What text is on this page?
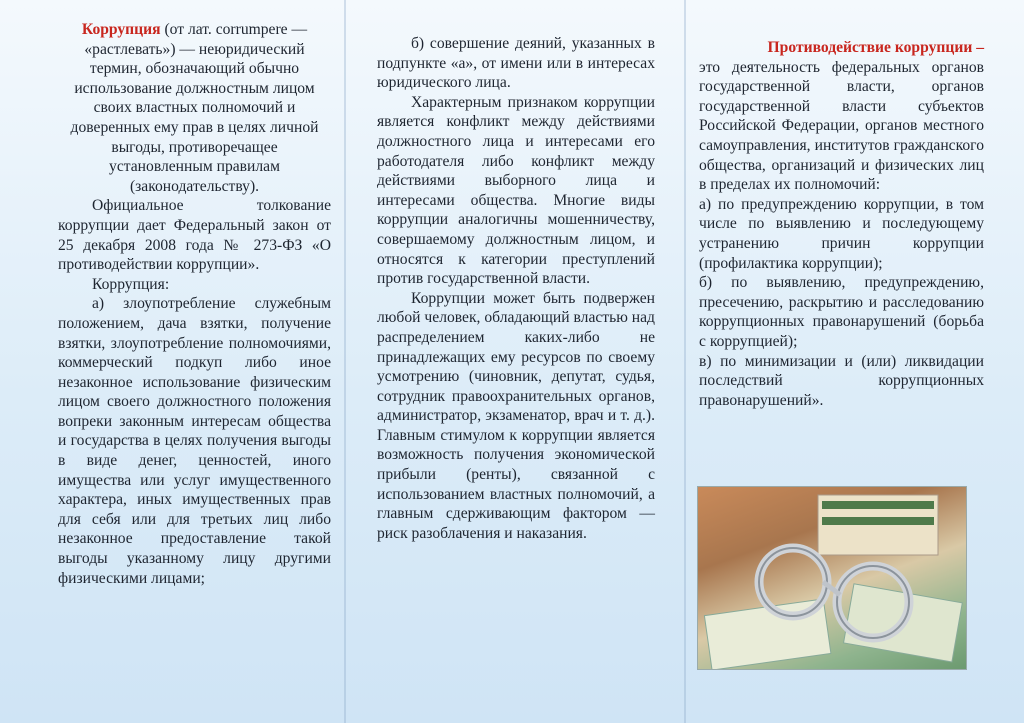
Коррупция (от лат. corrumpere — «растлевать») — неюридический термин, обозначающий обычно использование должностным лицом своих властных полномочий и доверенных ему прав в целях личной выгоды, противоречащее установленным правилам (законодательству).

Официальное толкование коррупции дает Федеральный закон от 25 декабря 2008 года № 273-ФЗ «О противодействии коррупции».

Коррупция:

а) злоупотребление служебным положением, дача взятки, получение взятки, злоупотребление полномочиями, коммерческий подкуп либо иное незаконное использование физическим лицом своего должностного положения вопреки законным интересам общества и государства в целях получения выгоды в виде денег, ценностей, иного имущества или услуг имущественного характера, иных имущественных прав для себя или для третьих лиц либо незаконное предоставление такой выгоды указанному лицу другими физическими лицами;

б) совершение деяний, указанных в подпункте «а», от имени или в интересах юридического лица.

Характерным признаком коррупции является конфликт между действиями должностного лица и интересами его работодателя либо конфликт между действиями выборного лица и интересами общества. Многие виды коррупции аналогичны мошенничеству, совершаемому должностным лицом, и относятся к категории преступлений против государственной власти.

Коррупции может быть подвержен любой человек, обладающий властью над распределением каких-либо не принадлежащих ему ресурсов по своему усмотрению (чиновник, депутат, судья, сотрудник правоохранительных органов, администратор, экзаменатор, врач и т. д.). Главным стимулом к коррупции является возможность получения экономической прибыли (ренты), связанной с использованием властных полномочий, а главным сдерживающим фактором — риск разоблачения и наказания.

Противодействие коррупции –

это деятельность федеральных органов государственной власти, органов государственной власти субъектов Российской Федерации, органов местного самоуправления, институтов гражданского общества, организаций и физических лиц в пределах их полномочий:

а) по предупреждению коррупции, в том числе по выявлению и последующему устранению причин коррупции (профилактика коррупции);

б) по выявлению, предупреждению, пресечению, раскрытию и расследованию коррупционных правонарушений (борьба с коррупцией);

в) по минимизации и (или) ликвидации последствий коррупционных правонарушений».
